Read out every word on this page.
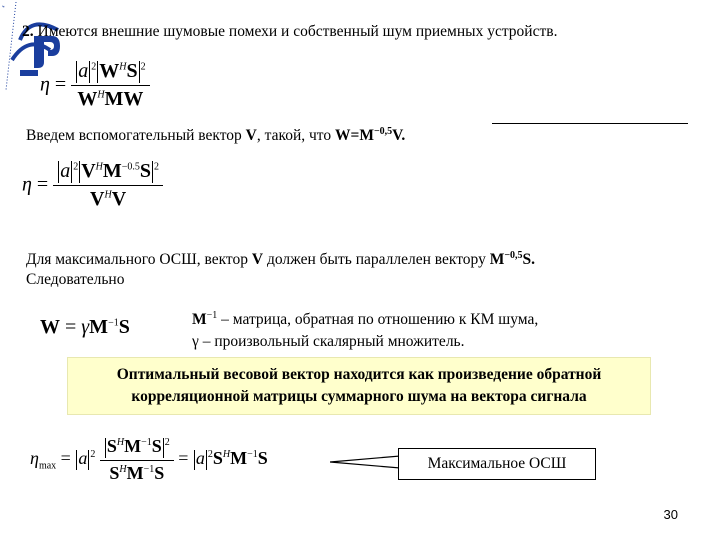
x
2. Имеются внешние шумовые помехи и собственный шум приемных устройств.
$\eta = \frac{a ^2 W^HS ^2}{W^HMW}$
Введем вспомогательный вектор V, такой, что $W=M^{-0,5}V$.
$\eta = \frac{a ^2 V^HM^{-0.5}S ^2}{V^HV}$
Для максимального ОСШ, вектор V должен быть параллелен вектору $M^{-0,5}S$.
Следовательно
$W = \gamma M^{-1}S$	$M^{-1}$ – матрица, обратная по отношению к КМ шума,
γ – произвольный скалярный множитель.
Оптимальный весовой вектор находится как произведение обратной
корреляционной матрицы суммарного шума на вектора сигнала
$\eta_{max} = a$ $^2 \frac{S^HM^{-1}S ^2}{S^HM^{-1}S} = a$ $^2S^HM^{-1}S$	Максимальное ОСШ
30
